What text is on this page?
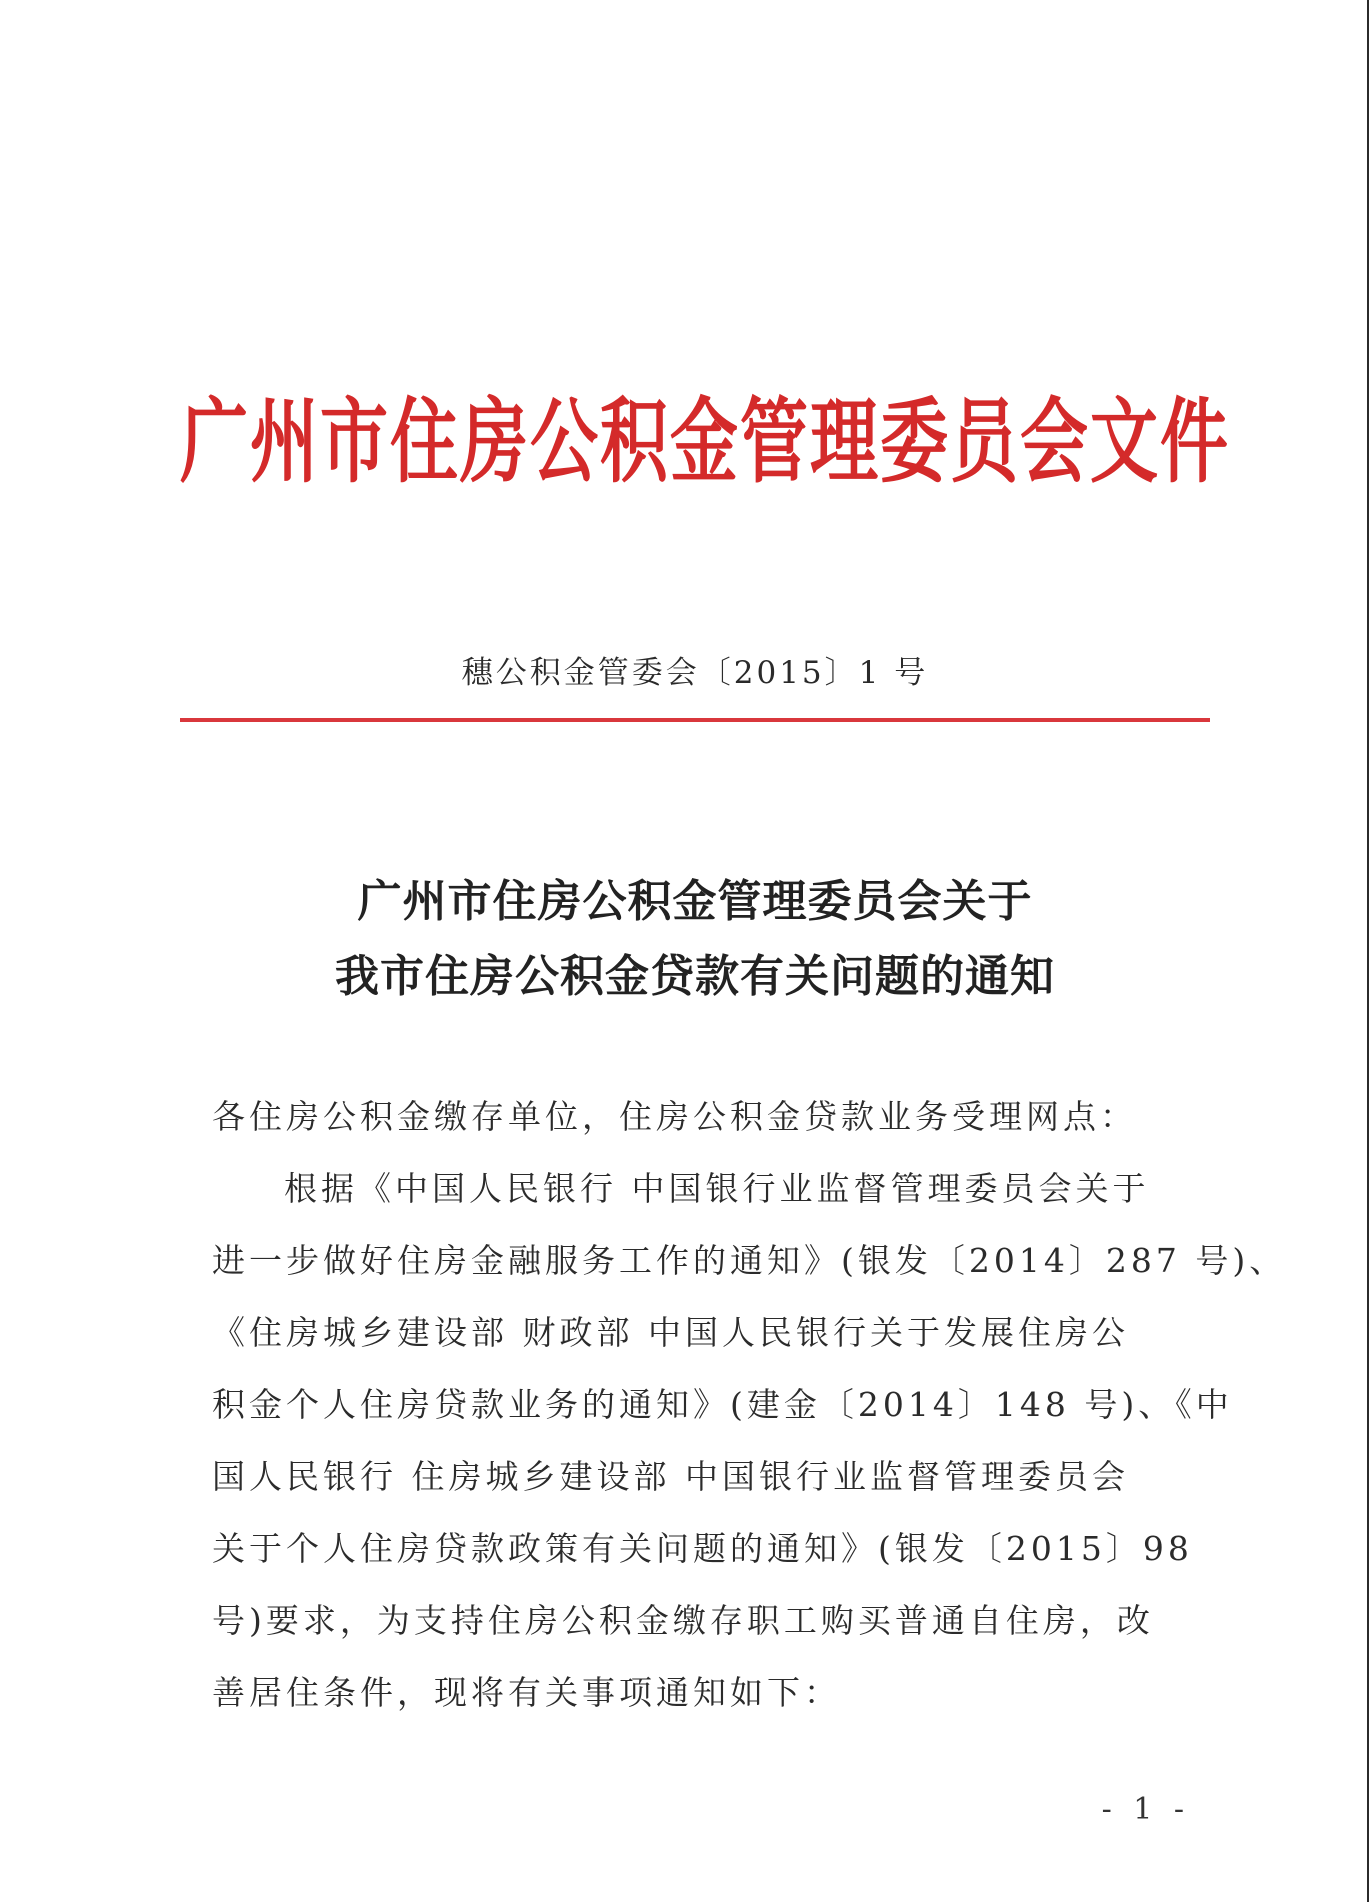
广州市住房公积金管理委员会文件
穗公积金管委会〔2015〕1 号
广州市住房公积金管理委员会关于
我市住房公积金贷款有关问题的通知
各住房公积金缴存单位，住房公积金贷款业务受理网点：
根据《中国人民银行 中国银行业监督管理委员会关于
进一步做好住房金融服务工作的通知》(银发〔2014〕287 号)、
《住房城乡建设部 财政部 中国人民银行关于发展住房公
积金个人住房贷款业务的通知》(建金〔2014〕148 号)、《中
国人民银行 住房城乡建设部 中国银行业监督管理委员会
关于个人住房贷款政策有关问题的通知》(银发〔2015〕98
号)要求，为支持住房公积金缴存职工购买普通自住房，改
善居住条件，现将有关事项通知如下：
- 1 -
